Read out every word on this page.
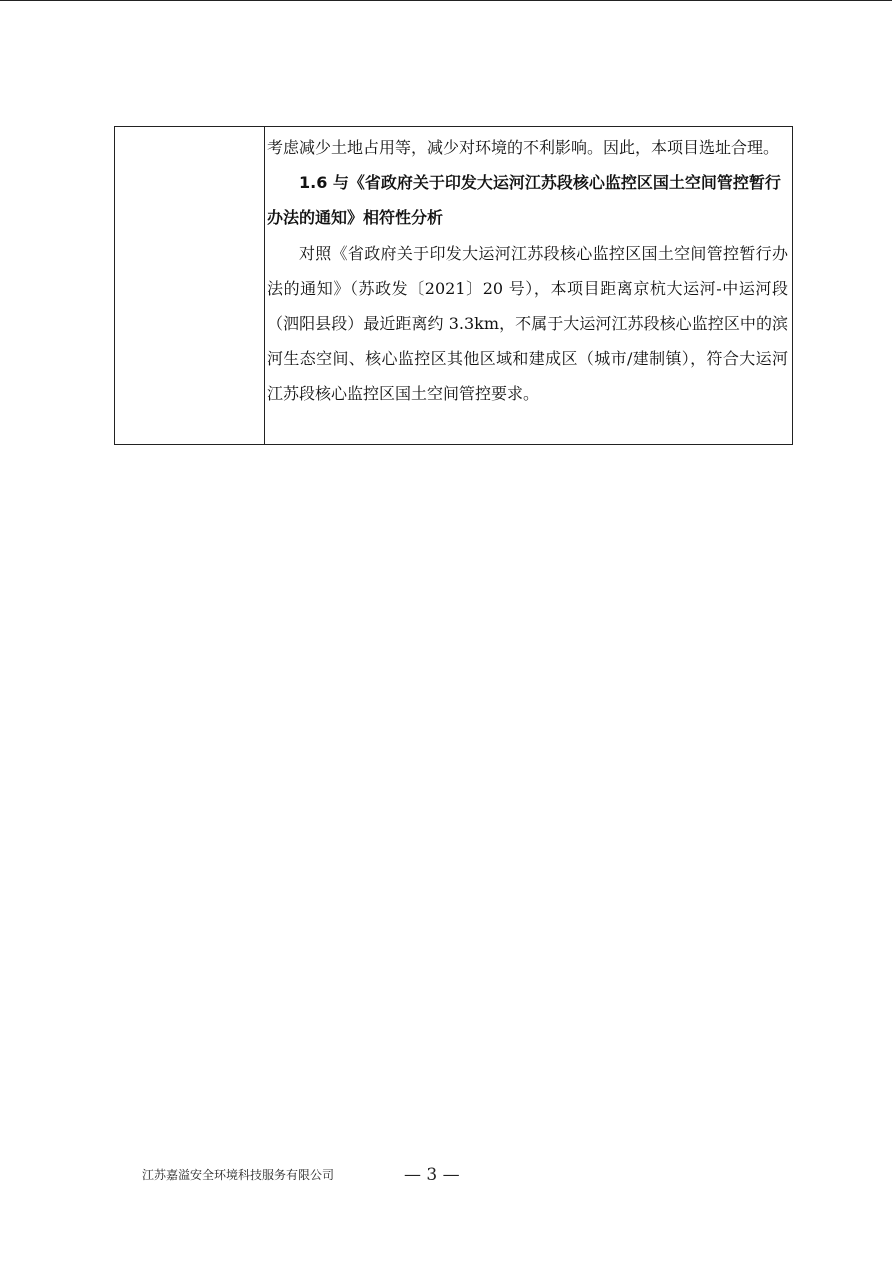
考虑减少土地占用等，减少对环境的不利影响。因此，本项目选址合理。

1.6 与《省政府关于印发大运河江苏段核心监控区国土空间管控暂行办法的通知》相符性分析

对照《省政府关于印发大运河江苏段核心监控区国土空间管控暂行办法的通知》（苏政发〔2021〕20 号），本项目距离京杭大运河-中运河段（泗阳县段）最近距离约 3.3km，不属于大运河江苏段核心监控区中的滨河生态空间、核心监控区其他区域和建成区（城市/建制镇），符合大运河江苏段核心监控区国土空间管控要求。

江苏嘉溢安全环境科技服务有限公司	— 3 —
